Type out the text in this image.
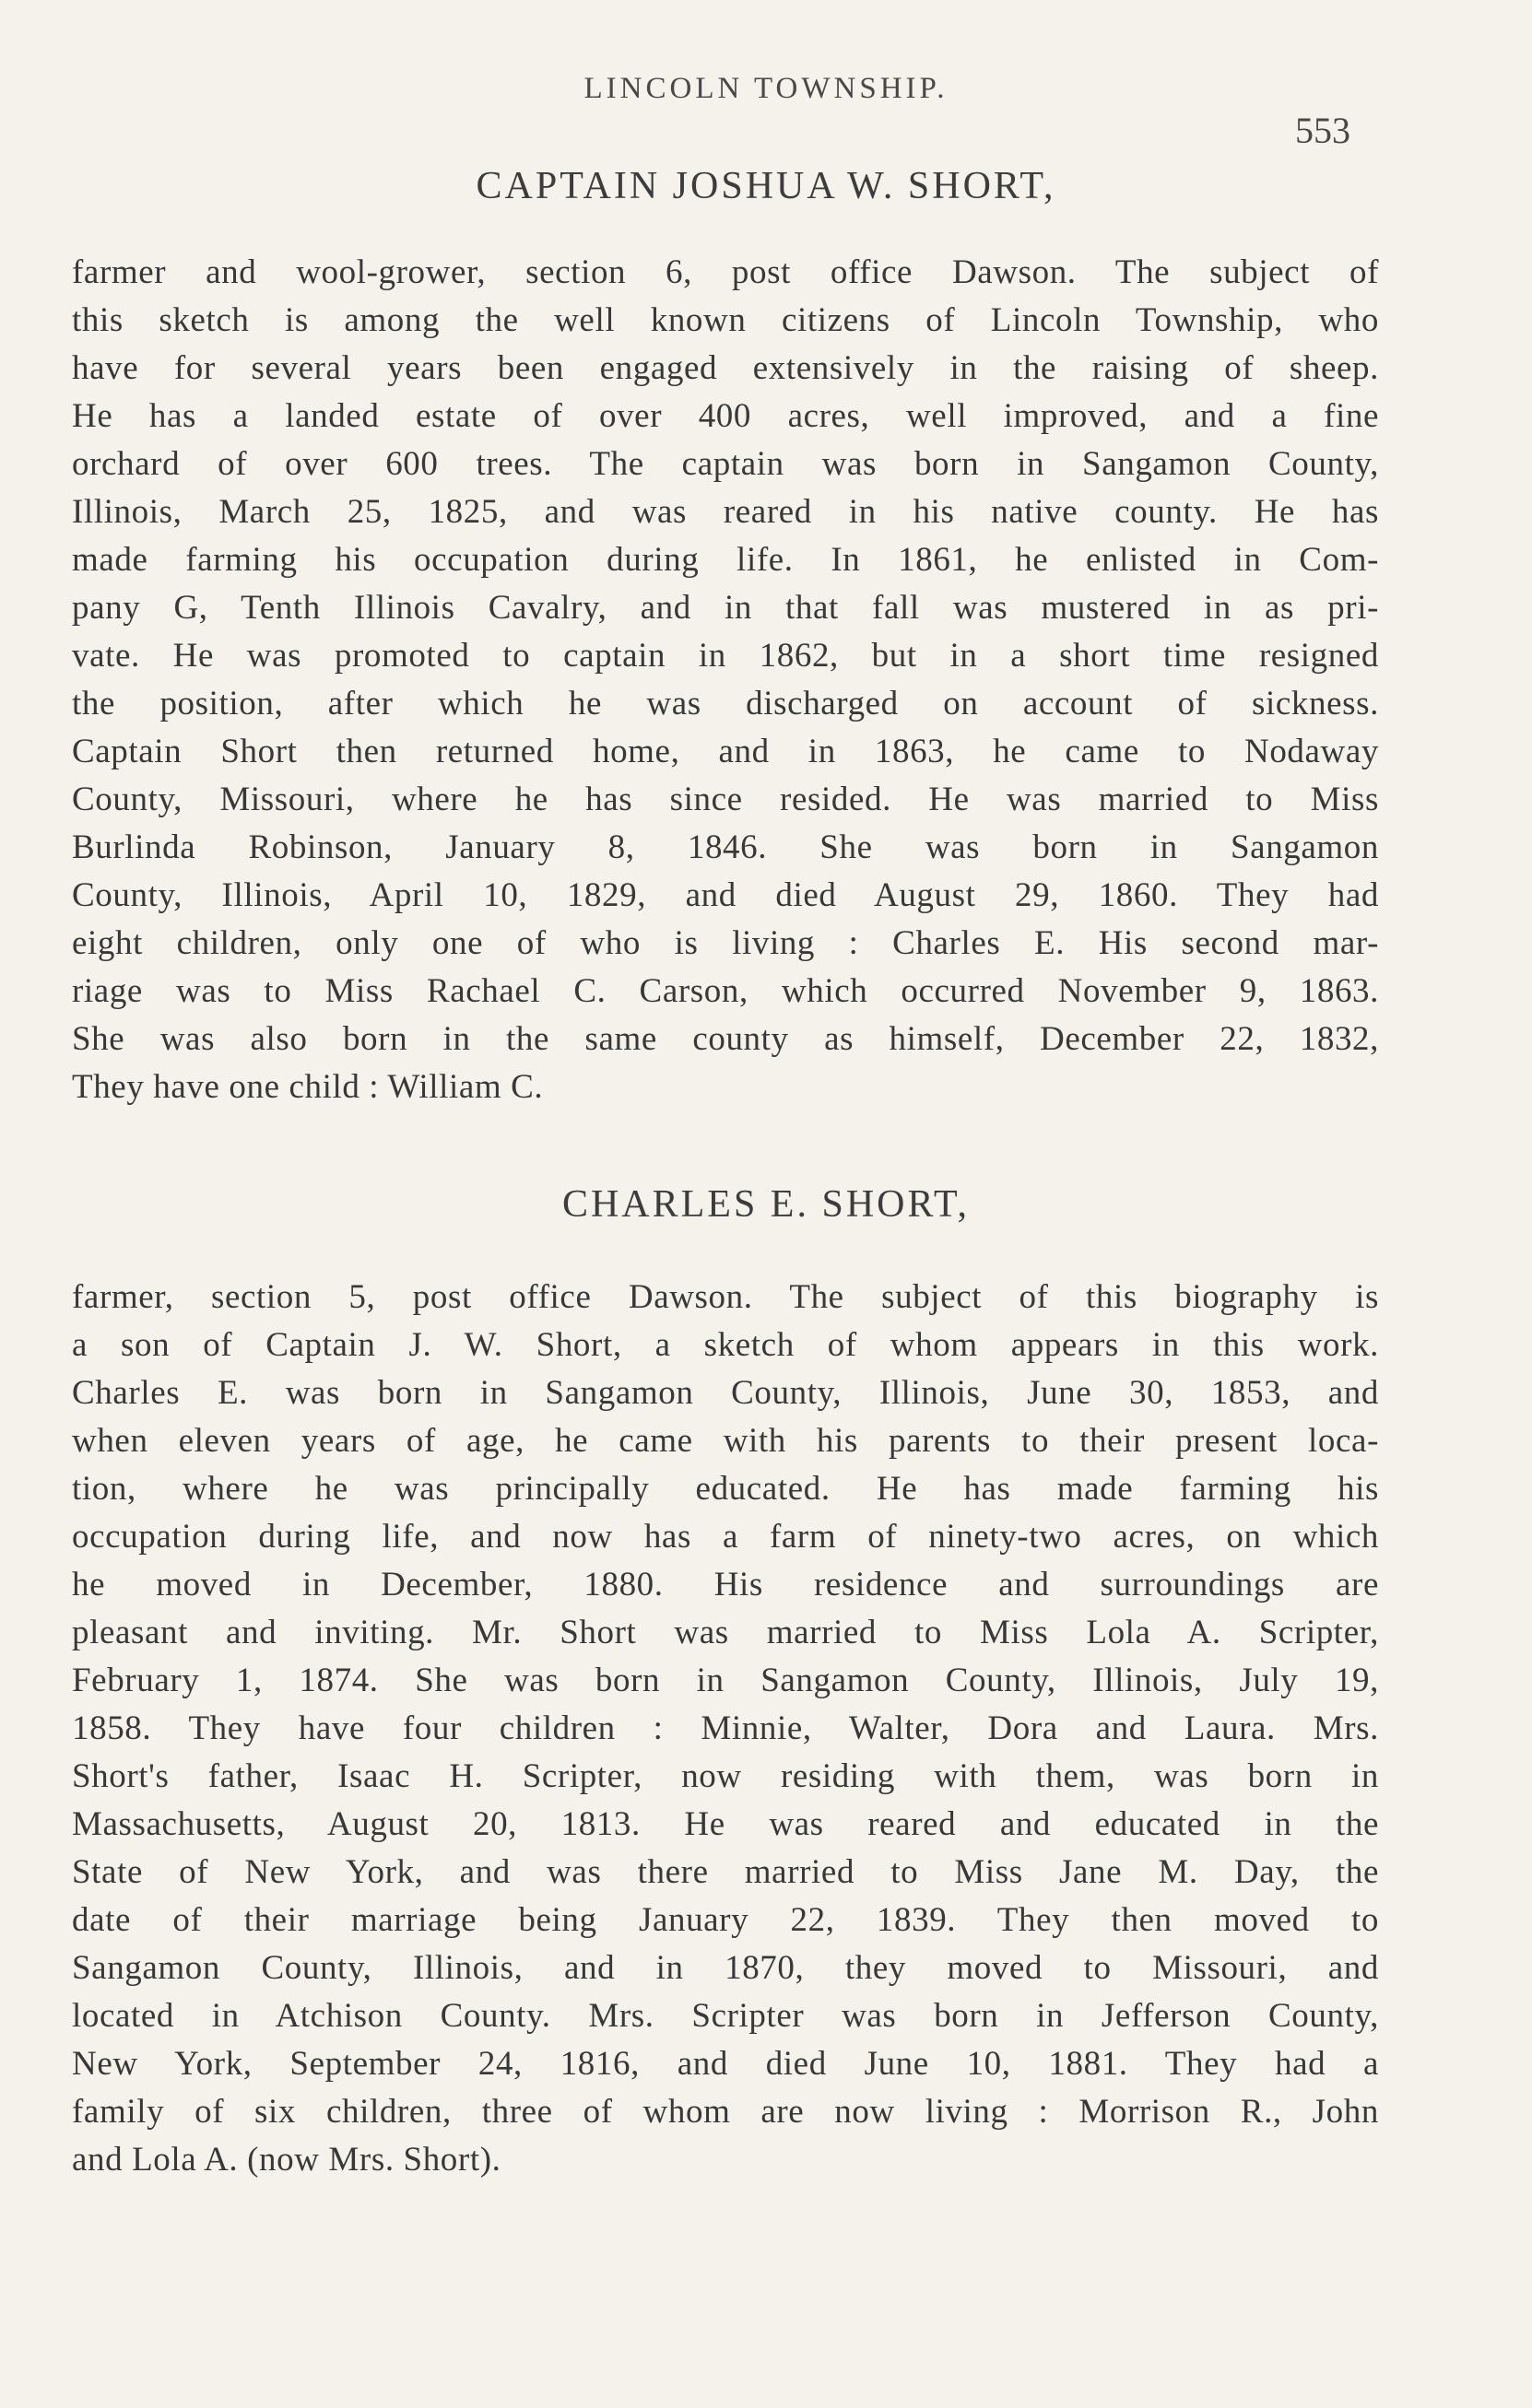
LINCOLN TOWNSHIP.
553
CAPTAIN JOSHUA W. SHORT,
farmer and wool-grower, section 6, post office Dawson. The subject of
this sketch is among the well known citizens of Lincoln Township, who
have for several years been engaged extensively in the raising of sheep.
He has a landed estate of over 400 acres, well improved, and a fine
orchard of over 600 trees. The captain was born in Sangamon County,
Illinois, March 25, 1825, and was reared in his native county. He has
made farming his occupation during life. In 1861, he enlisted in Com-
pany G, Tenth Illinois Cavalry, and in that fall was mustered in as pri-
vate. He was promoted to captain in 1862, but in a short time resigned
the position, after which he was discharged on account of sickness.
Captain Short then returned home, and in 1863, he came to Nodaway
County, Missouri, where he has since resided. He was married to Miss
Burlinda Robinson, January 8, 1846. She was born in Sangamon
County, Illinois, April 10, 1829, and died August 29, 1860. They had
eight children, only one of who is living : Charles E. His second mar-
riage was to Miss Rachael C. Carson, which occurred November 9, 1863.
She was also born in the same county as himself, December 22, 1832,
They have one child : William C.
CHARLES E. SHORT,
farmer, section 5, post office Dawson. The subject of this biography is
a son of Captain J. W. Short, a sketch of whom appears in this work.
Charles E. was born in Sangamon County, Illinois, June 30, 1853, and
when eleven years of age, he came with his parents to their present loca-
tion, where he was principally educated. He has made farming his
occupation during life, and now has a farm of ninety-two acres, on which
he moved in December, 1880. His residence and surroundings are
pleasant and inviting. Mr. Short was married to Miss Lola A. Scripter,
February 1, 1874. She was born in Sangamon County, Illinois, July 19,
1858. They have four children : Minnie, Walter, Dora and Laura. Mrs.
Short's father, Isaac H. Scripter, now residing with them, was born in
Massachusetts, August 20, 1813. He was reared and educated in the
State of New York, and was there married to Miss Jane M. Day, the
date of their marriage being January 22, 1839. They then moved to
Sangamon County, Illinois, and in 1870, they moved to Missouri, and
located in Atchison County. Mrs. Scripter was born in Jefferson County,
New York, September 24, 1816, and died June 10, 1881. They had a
family of six children, three of whom are now living : Morrison R., John
and Lola A. (now Mrs. Short).
